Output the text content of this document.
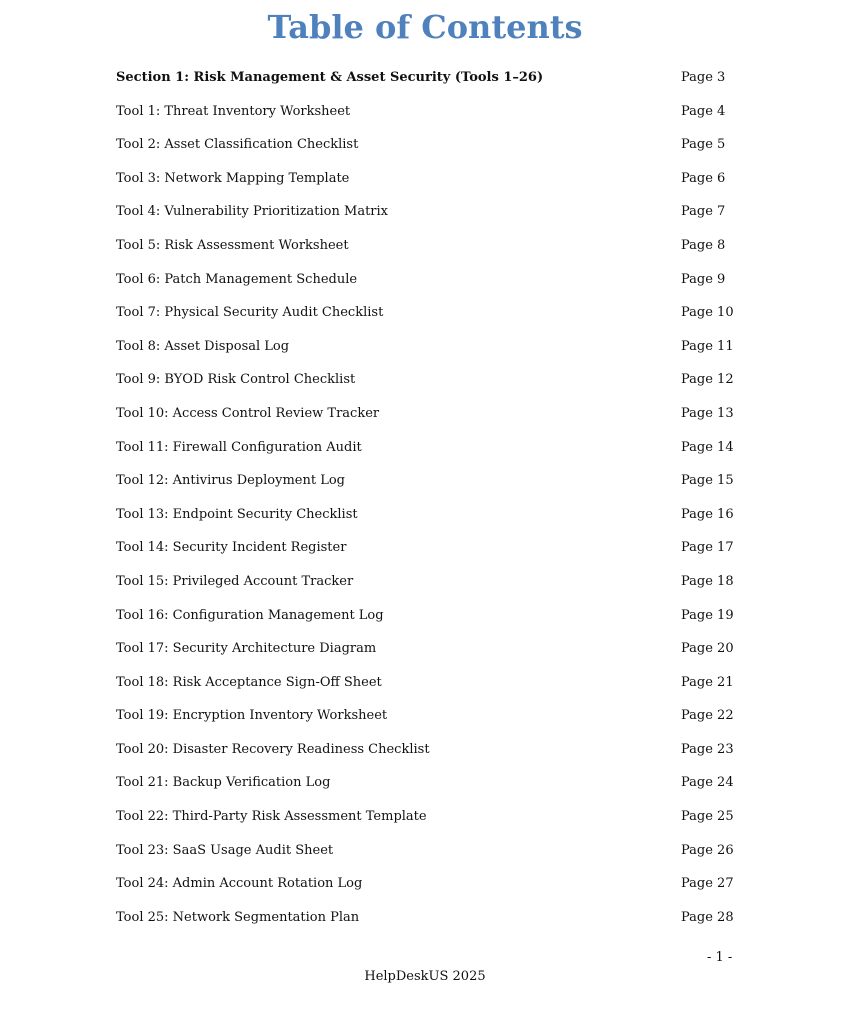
Table of Contents
Section 1: Risk Management & Asset Security (Tools 1–26)	Page 3
Tool 1: Threat Inventory Worksheet	Page 4
Tool 2: Asset Classification Checklist	Page 5
Tool 3: Network Mapping Template	Page 6
Tool 4: Vulnerability Prioritization Matrix	Page 7
Tool 5: Risk Assessment Worksheet	Page 8
Tool 6: Patch Management Schedule	Page 9
Tool 7: Physical Security Audit Checklist	Page 10
Tool 8: Asset Disposal Log	Page 11
Tool 9: BYOD Risk Control Checklist	Page 12
Tool 10: Access Control Review Tracker	Page 13
Tool 11: Firewall Configuration Audit	Page 14
Tool 12: Antivirus Deployment Log	Page 15
Tool 13: Endpoint Security Checklist	Page 16
Tool 14: Security Incident Register	Page 17
Tool 15: Privileged Account Tracker	Page 18
Tool 16: Configuration Management Log	Page 19
Tool 17: Security Architecture Diagram	Page 20
Tool 18: Risk Acceptance Sign-Off Sheet	Page 21
Tool 19: Encryption Inventory Worksheet	Page 22
Tool 20: Disaster Recovery Readiness Checklist	Page 23
Tool 21: Backup Verification Log	Page 24
Tool 22: Third-Party Risk Assessment Template	Page 25
Tool 23: SaaS Usage Audit Sheet	Page 26
Tool 24: Admin Account Rotation Log	Page 27
Tool 25: Network Segmentation Plan	Page 28
- 1 -
HelpDeskUS 2025
